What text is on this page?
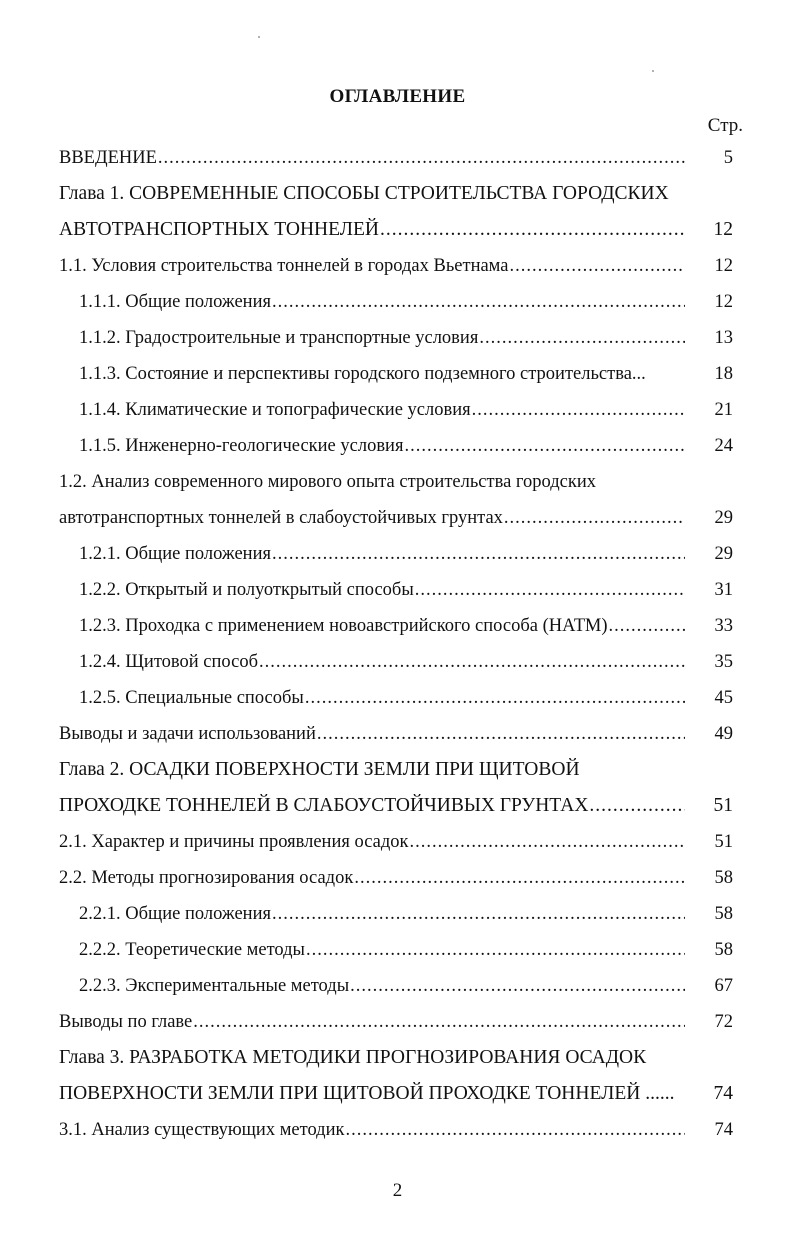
ОГЛАВЛЕНИЕ
Стр.
ВВЕДЕНИЕ .....	5
Глава 1. СОВРЕМЕННЫЕ СПОСОБЫ СТРОИТЕЛЬСТВА ГОРОДСКИХ
АВТОТРАНСПОРТНЫХ ТОННЕЛЕЙ .....	12
1.1. Условия строительства тоннелей в городах Вьетнама .....	12
1.1.1. Общие положения .....	12
1.1.2. Градостроительные и транспортные условия .....	13
1.1.3. Состояние и перспективы городского подземного строительства...	18
1.1.4. Климатические и топографические условия .....	21
1.1.5. Инженерно-геологические условия .....	24
1.2. Анализ современного мирового опыта строительства городских
автотранспортных тоннелей в слабоустойчивых грунтах .....	29
1.2.1. Общие положения .....	29
1.2.2. Открытый и полуоткрытый способы .....	31
1.2.3. Проходка с применением новоавстрийского способа (НАТМ) .....	33
1.2.4. Щитовой способ .....	35
1.2.5. Специальные способы .....	45
Выводы и задачи использований .....	49
Глава 2. ОСАДКИ ПОВЕРХНОСТИ ЗЕМЛИ ПРИ ЩИТОВОЙ
ПРОХОДКЕ ТОННЕЛЕЙ В СЛАБОУСТОЙЧИВЫХ ГРУНТАХ .....	51
2.1. Характер и причины проявления осадок .....	51
2.2. Методы прогнозирования осадок .....	58
2.2.1. Общие положения .....	58
2.2.2. Теоретические методы .....	58
2.2.3. Экспериментальные методы .....	67
Выводы по главе .....	72
Глава 3. РАЗРАБОТКА МЕТОДИКИ ПРОГНОЗИРОВАНИЯ ОСАДОК
ПОВЕРХНОСТИ ЗЕМЛИ ПРИ ЩИТОВОЙ ПРОХОДКЕ ТОННЕЛЕЙ ......	74
3.1. Анализ существующих методик .....	74
2
